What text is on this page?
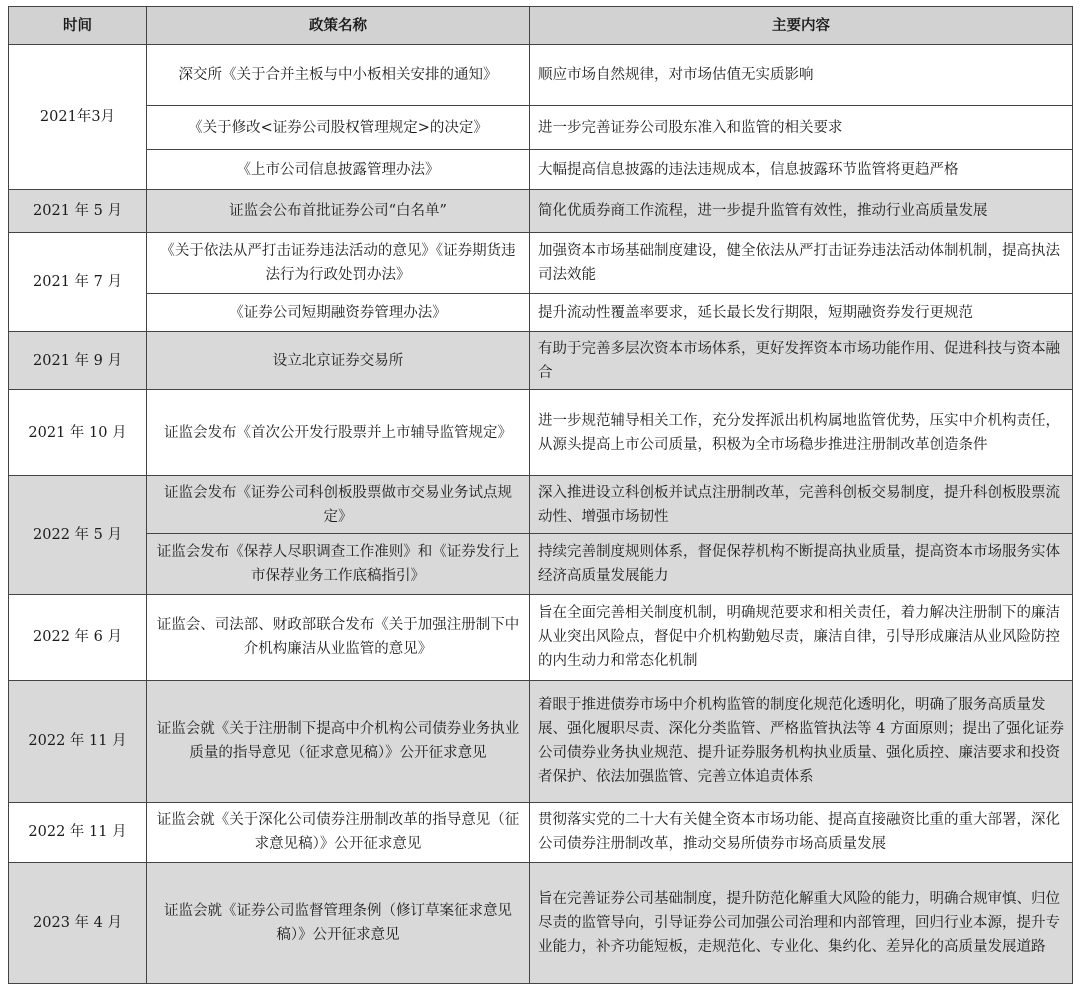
时间	政策名称	主要内容
2021年3月	深交所《关于合并主板与中小板相关安排的通知》	顺应市场自然规律，对市场估值无实质影响
	《关于修改<证券公司股权管理规定>的决定》	进一步完善证券公司股东准入和监管的相关要求
	《上市公司信息披露管理办法》	大幅提高信息披露的违法违规成本，信息披露环节监管将更趋严格
2021 年 5 月	证监会公布首批证券公司“白名单”	简化优质券商工作流程，进一步提升监管有效性，推动行业高质量发展
2021 年 7 月	《关于依法从严打击证券违法活动的意见》《证券期货违法行为行政处罚办法》	加强资本市场基础制度建设，健全依法从严打击证券违法活动体制机制，提高执法司法效能
	《证券公司短期融资券管理办法》	提升流动性覆盖率要求，延长最长发行期限，短期融资券发行更规范
2021 年 9 月	设立北京证券交易所	有助于完善多层次资本市场体系，更好发挥资本市场功能作用、促进科技与资本融合
2021 年 10 月	证监会发布《首次公开发行股票并上市辅导监管规定》	进一步规范辅导相关工作，充分发挥派出机构属地监管优势，压实中介机构责任，从源头提高上市公司质量，积极为全市场稳步推进注册制改革创造条件
2022 年 5 月	证监会发布《证券公司科创板股票做市交易业务试点规定》	深入推进设立科创板并试点注册制改革，完善科创板交易制度，提升科创板股票流动性、增强市场韧性
	证监会发布《保荐人尽职调查工作准则》和《证券发行上市保荐业务工作底稿指引》	持续完善制度规则体系，督促保荐机构不断提高执业质量，提高资本市场服务实体经济高质量发展能力
2022 年 6 月	证监会、司法部、财政部联合发布《关于加强注册制下中介机构廉洁从业监管的意见》	旨在全面完善相关制度机制，明确规范要求和相关责任，着力解决注册制下的廉洁从业突出风险点，督促中介机构勤勉尽责，廉洁自律，引导形成廉洁从业风险防控的内生动力和常态化机制
2022 年 11 月	证监会就《关于注册制下提高中介机构公司债券业务执业质量的指导意见（征求意见稿）》公开征求意见	着眼于推进债券市场中介机构监管的制度化规范化透明化，明确了服务高质量发展、强化履职尽责、深化分类监管、严格监管执法等 4 方面原则；提出了强化证券公司债券业务执业规范、提升证券服务机构执业质量、强化质控、廉洁要求和投资者保护、依法加强监管、完善立体追责体系
2022 年 11 月	证监会就《关于深化公司债券注册制改革的指导意见（征求意见稿）》公开征求意见	贯彻落实党的二十大有关健全资本市场功能、提高直接融资比重的重大部署，深化公司债券注册制改革，推动交易所债券市场高质量发展
2023 年 4 月	证监会就《证券公司监督管理条例（修订草案征求意见稿）》公开征求意见	旨在完善证券公司基础制度，提升防范化解重大风险的能力，明确合规审慎、归位尽责的监管导向，引导证券公司加强公司治理和内部管理，回归行业本源，提升专业能力，补齐功能短板，走规范化、专业化、集约化、差异化的高质量发展道路
